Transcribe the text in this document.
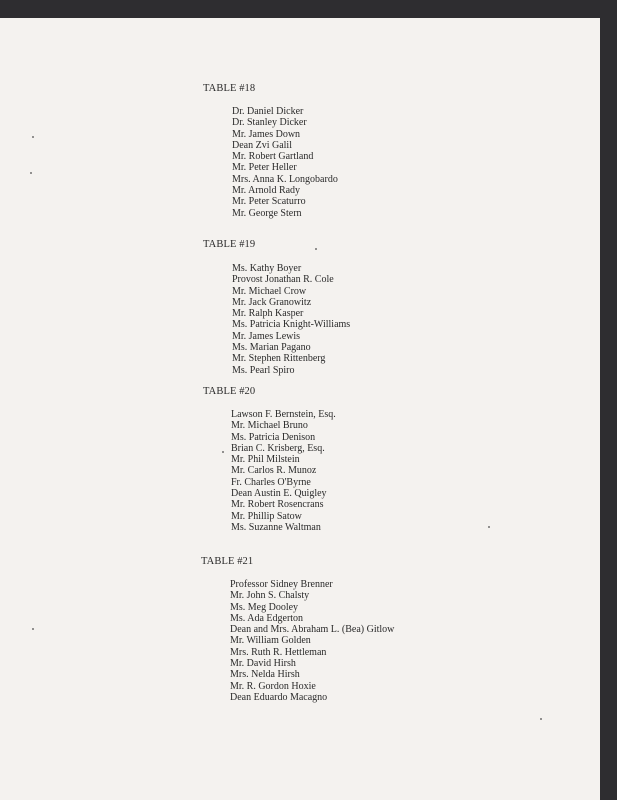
TABLE #18
Dr. Daniel Dicker
Dr. Stanley Dicker
Mr. James Down
Dean Zvi Galil
Mr. Robert Gartland
Mr. Peter Heller
Mrs. Anna K. Longobardo
Mr. Arnold Rady
Mr. Peter Scaturro
Mr. George Stern
TABLE #19
Ms. Kathy Boyer
Provost Jonathan R. Cole
Mr. Michael Crow
Mr. Jack Granowitz
Mr. Ralph Kasper
Ms. Patricia Knight-Williams
Mr. James Lewis
Ms. Marian Pagano
Mr. Stephen Rittenberg
Ms. Pearl Spiro
TABLE #20
Lawson F. Bernstein, Esq.
Mr. Michael Bruno
Ms. Patricia Denison
Brian C. Krisberg, Esq.
Mr. Phil Milstein
Mr. Carlos R. Munoz
Fr. Charles O'Byrne
Dean Austin E. Quigley
Mr. Robert Rosencrans
Mr. Phillip Satow
Ms. Suzanne Waltman
TABLE #21
Professor Sidney Brenner
Mr. John S. Chalsty
Ms. Meg Dooley
Ms. Ada Edgerton
Dean and Mrs. Abraham L. (Bea) Gitlow
Mr. William Golden
Mrs. Ruth R. Hettleman
Mr. David Hirsh
Mrs. Nelda Hirsh
Mr. R. Gordon Hoxie
Dean Eduardo Macagno
